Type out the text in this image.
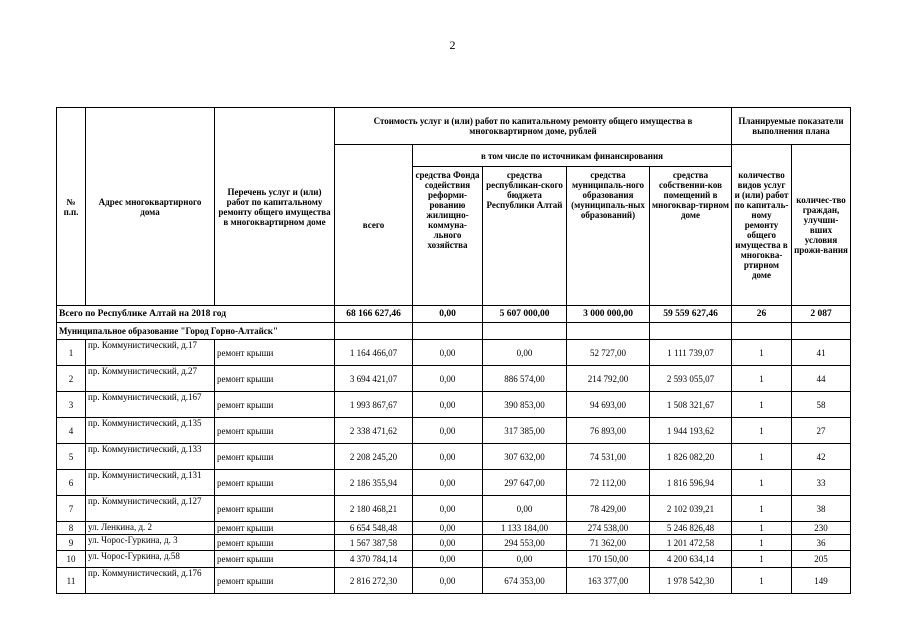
2
№ п.п.	Адрес многоквартирного дома	Перечень услуг и (или) работ по капитальному ремонту общего имущества в многоквартирном доме	Стоимость услуг и (или) работ по капитальному ремонту общего имущества в многоквартирном доме, рублей					Планируемые показатели выполнения плана	
			всего	в том числе по источникам финансирования				количество видов услуг и (или) работ по капиталь-ному ремонту общего имущества в многоква-ртирном доме	количес-тво граждан, улучши-вших условия прожи-вания
				средства Фонда содействия реформи-рованию жилищно-коммуна-льного хозяйства	средства республикан-ского бюджета Республики Алтай	средства муниципаль-ного образования (муниципаль-ных образований)	средства собственни-ков помещений в многоквар-тирном доме		
Всего по Республике Алтай на 2018 год			68 166 627,46	0,00	5 607 000,00	3 000 000,00	59 559 627,46	26	2 087
Муниципальное образование "Город Горно-Алтайск"									
1	пр. Коммунистический, д.17	ремонт крыши	1 164 466,07	0,00	0,00	52 727,00	1 111 739,07	1	41
2	пр. Коммунистический, д.27	ремонт крыши	3 694 421,07	0,00	886 574,00	214 792,00	2 593 055,07	1	44
3	пр. Коммунистический, д.167	ремонт крыши	1 993 867,67	0,00	390 853,00	94 693,00	1 508 321,67	1	58
4	пр. Коммунистический, д.135	ремонт крыши	2 338 471,62	0,00	317 385,00	76 893,00	1 944 193,62	1	27
5	пр. Коммунистический, д.133	ремонт крыши	2 208 245,20	0,00	307 632,00	74 531,00	1 826 082,20	1	42
6	пр. Коммунистический, д.131	ремонт крыши	2 186 355,94	0,00	297 647,00	72 112,00	1 816 596,94	1	33
7	пр. Коммунистический, д.127	ремонт крыши	2 180 468,21	0,00	0,00	78 429,00	2 102 039,21	1	38
8	ул. Ленкина, д. 2	ремонт крыши	6 654 548,48	0,00	1 133 184,00	274 538,00	5 246 826,48	1	230
9	ул. Чорос-Гуркина, д. 3	ремонт крыши	1 567 387,58	0,00	294 553,00	71 362,00	1 201 472,58	1	36
10	ул. Чорос-Гуркина, д.58	ремонт крыши	4 370 784,14	0,00	0,00	170 150,00	4 200 634,14	1	205
11	пр. Коммунистический, д.176	ремонт крыши	2 816 272,30	0,00	674 353,00	163 377,00	1 978 542,30	1	149
